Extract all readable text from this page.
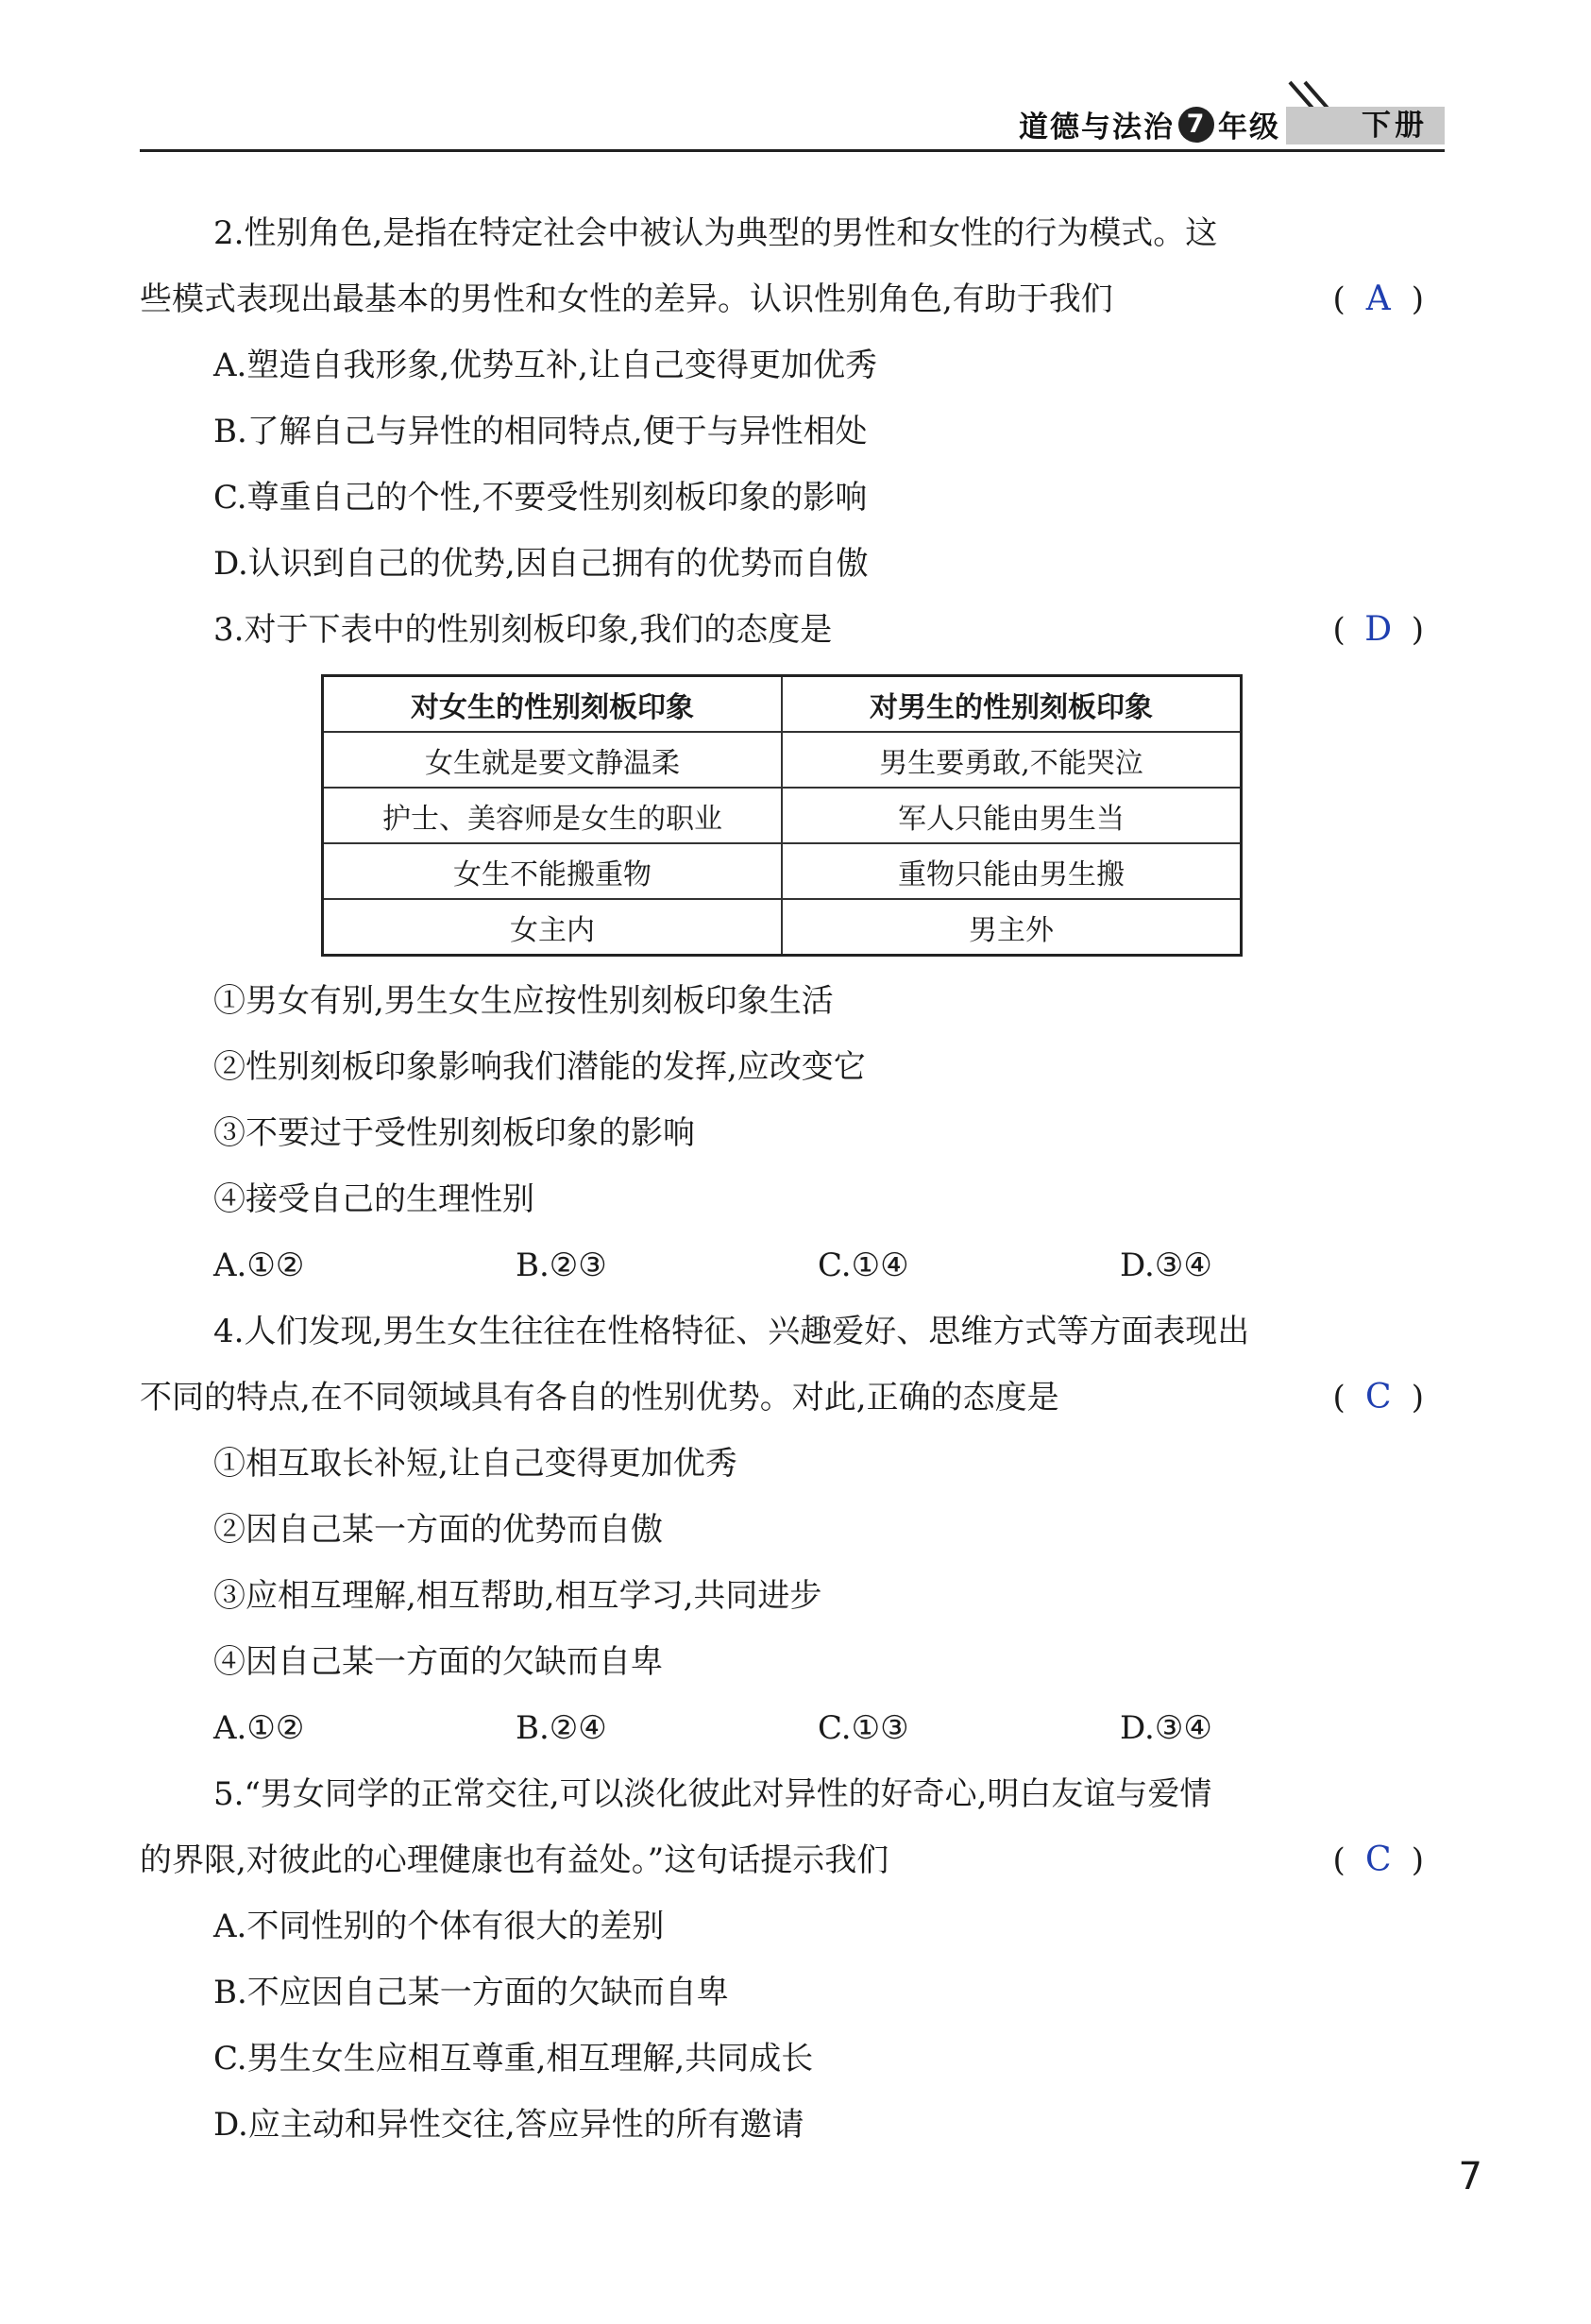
道德与法治 7 年级	下册
2.性别角色,是指在特定社会中被认为典型的男性和女性的行为模式。这
些模式表现出最基本的男性和女性的差异。认识性别角色,有助于我们	( A )
A.塑造自我形象,优势互补,让自己变得更加优秀
B.了解自己与异性的相同特点,便于与异性相处
C.尊重自己的个性,不要受性别刻板印象的影响
D.认识到自己的优势,因自己拥有的优势而自傲
3.对于下表中的性别刻板印象,我们的态度是	( D )
对女生的性别刻板印象	对男生的性别刻板印象
女生就是要文静温柔	男生要勇敢,不能哭泣
护士、美容师是女生的职业	军人只能由男生当
女生不能搬重物	重物只能由男生搬
女主内	男主外
①男女有别,男生女生应按性别刻板印象生活
②性别刻板印象影响我们潜能的发挥,应改变它
③不要过于受性别刻板印象的影响
④接受自己的生理性别
A.①②	B.②③	C.①④	D.③④
4.人们发现,男生女生往往在性格特征、兴趣爱好、思维方式等方面表现出
不同的特点,在不同领域具有各自的性别优势。对此,正确的态度是	( C )
①相互取长补短,让自己变得更加优秀
②因自己某一方面的优势而自傲
③应相互理解,相互帮助,相互学习,共同进步
④因自己某一方面的欠缺而自卑
A.①②	B.②④	C.①③	D.③④
5.“男女同学的正常交往,可以淡化彼此对异性的好奇心,明白友谊与爱情
的界限,对彼此的心理健康也有益处。”这句话提示我们	( C )
A.不同性别的个体有很大的差别
B.不应因自己某一方面的欠缺而自卑
C.男生女生应相互尊重,相互理解,共同成长
D.应主动和异性交往,答应异性的所有邀请
7
